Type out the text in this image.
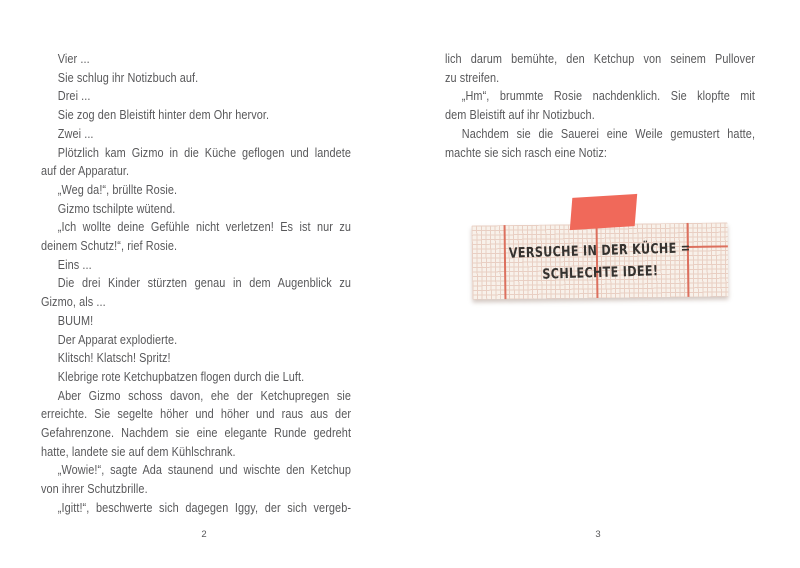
Vier ...
Sie schlug ihr Notizbuch auf.
Drei ...
Sie zog den Bleistift hinter dem Ohr hervor.
Zwei ...
Plötzlich kam Gizmo in die Küche geflogen und landete
auf der Apparatur.
„Weg da!“, brüllte Rosie.
Gizmo tschilpte wütend.
„Ich wollte deine Gefühle nicht verletzen! Es ist nur zu
deinem Schutz!“, rief Rosie.
Eins ...
Die drei Kinder stürzten genau in dem Augenblick zu
Gizmo, als ...
BUUM!
Der Apparat explodierte.
Klitsch! Klatsch! Spritz!
Klebrige rote Ketchupbatzen flogen durch die Luft.
Aber Gizmo schoss davon, ehe der Ketchupregen sie
erreichte. Sie segelte höher und höher und raus aus der
Gefahrenzone. Nachdem sie eine elegante Runde gedreht
hatte, landete sie auf dem Kühlschrank.
„Wowie!“, sagte Ada staunend und wischte den Ketchup
von ihrer Schutzbrille.
„Igitt!“, beschwerte sich dagegen Iggy, der sich vergeb-
2
lich darum bemühte, den Ketchup von seinem Pullover
zu streifen.
„Hm“, brummte Rosie nachdenklich. Sie klopfte mit
dem Bleistift auf ihr Notizbuch.
Nachdem sie die Sauerei eine Weile gemustert hatte,
machte sie sich rasch eine Notiz:
VERSUCHE IN DER KÜCHE =
SCHLECHTE IDEE!
3
